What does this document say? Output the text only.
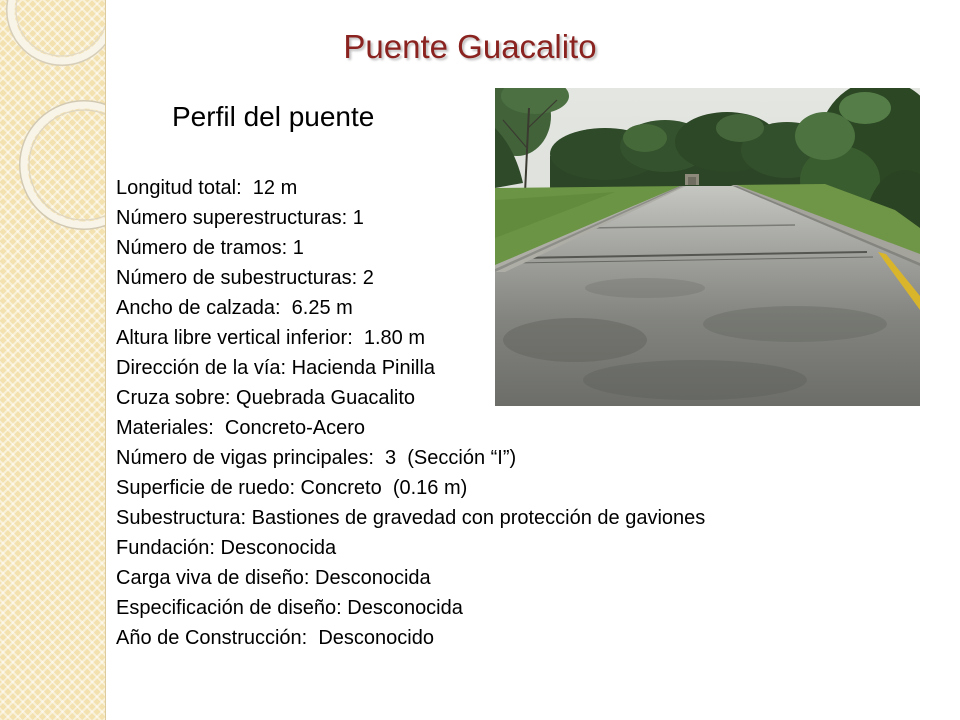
Puente Guacalito
Perfil del puente
Longitud total:  12 m
Número superestructuras: 1
Número de tramos: 1
Número de subestructuras: 2
Ancho de calzada:  6.25 m
Altura libre vertical inferior:  1.80 m
Dirección de la vía: Hacienda Pinilla
Cruza sobre: Quebrada Guacalito
Materiales:  Concreto-Acero
Número de vigas principales:  3  (Sección “I”)
Superficie de ruedo: Concreto  (0.16 m)
Subestructura: Bastiones de gravedad con protección de gaviones
Fundación: Desconocida
Carga viva de diseño: Desconocida
Especificación de diseño: Desconocida
Año de Construcción:  Desconocido
